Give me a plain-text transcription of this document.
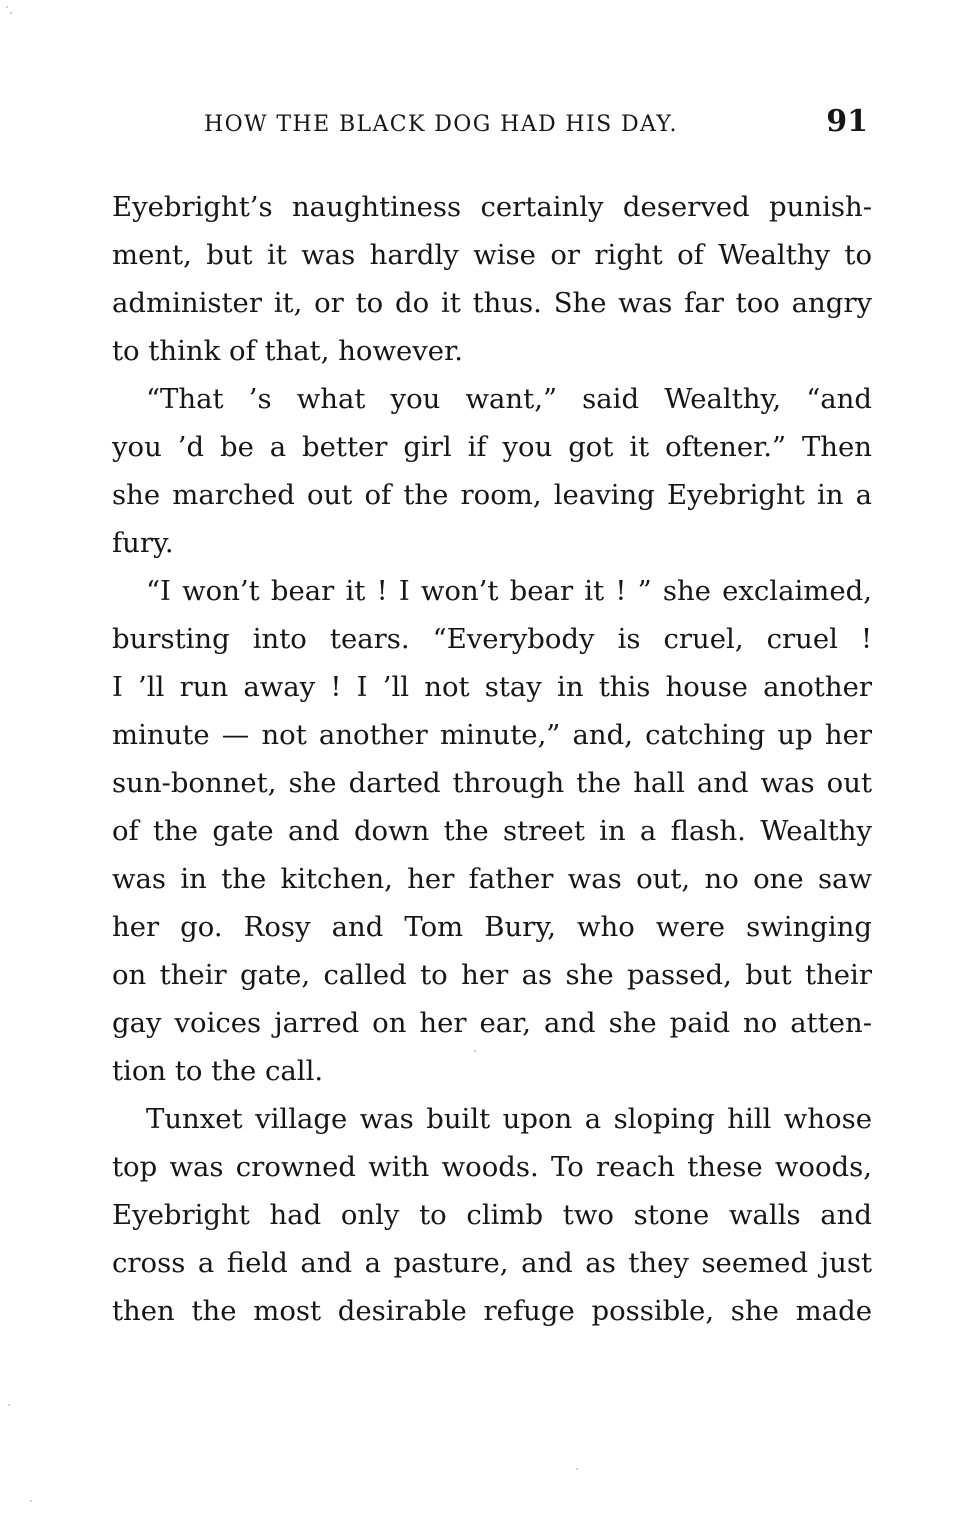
HOW THE BLACK DOG HAD HIS DAY.	91
Eyebright’s naughtiness certainly deserved punish-
ment, but it was hardly wise or right of Wealthy to
administer it, or to do it thus. She was far too angry
to think of that, however.
“That ’s what you want,” said Wealthy, “and
you ’d be a better girl if you got it oftener.” Then
she marched out of the room, leaving Eyebright in a
fury.
“I won’t bear it ! I won’t bear it ! ” she exclaimed,
bursting into tears. “Everybody is cruel, cruel !
I ’ll run away ! I ’ll not stay in this house another
minute — not another minute,” and, catching up her
sun-bonnet, she darted through the hall and was out
of the gate and down the street in a flash. Wealthy
was in the kitchen, her father was out, no one saw
her go. Rosy and Tom Bury, who were swinging
on their gate, called to her as she passed, but their
gay voices jarred on her ear, and she paid no atten-
tion to the call.
Tunxet village was built upon a sloping hill whose
top was crowned with woods. To reach these woods,
Eyebright had only to climb two stone walls and
cross a field and a pasture, and as they seemed just
then the most desirable refuge possible, she made
